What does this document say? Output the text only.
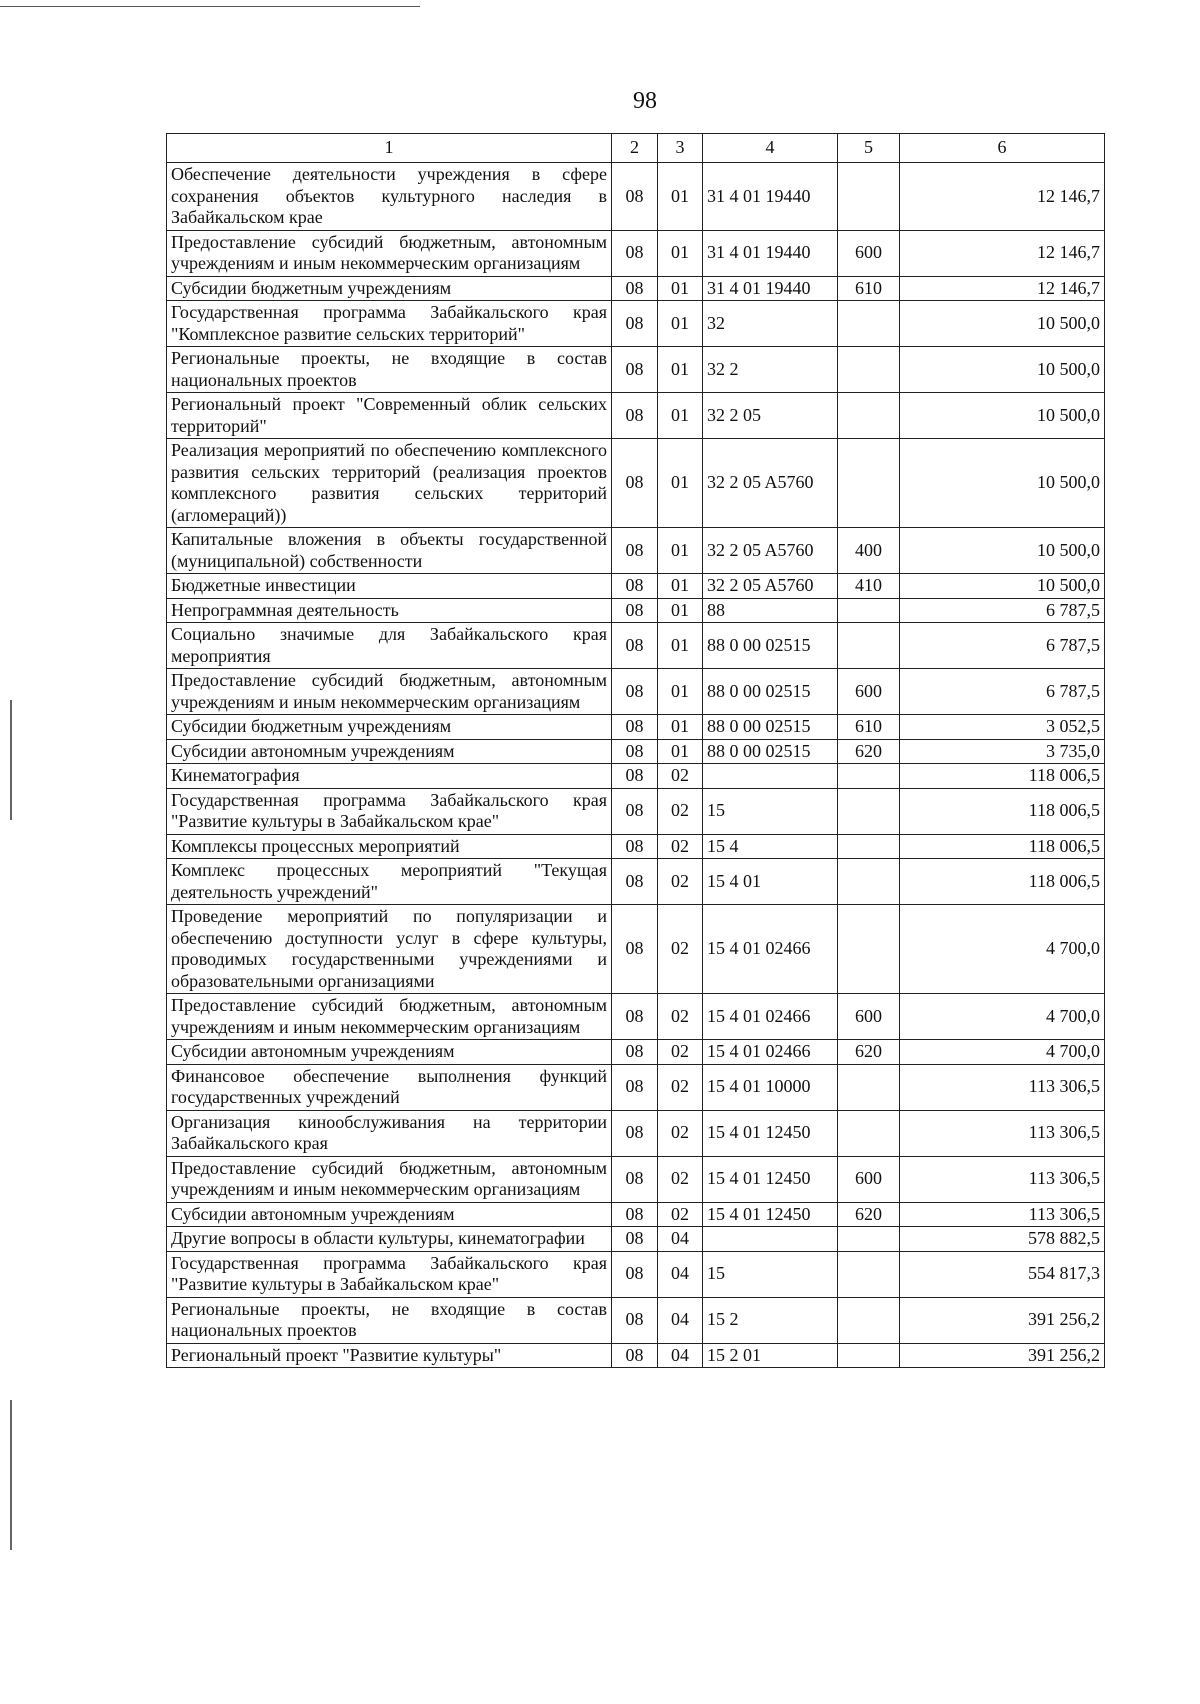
98
1	2	3	4	5	6
Обеспечение деятельности учреждения в сфере сохранения объектов культурного наследия в Забайкальском крае	08	01	31 4 01 19440		12 146,7
Предоставление субсидий бюджетным, автономным учреждениям и иным некоммерческим организациям	08	01	31 4 01 19440	600	12 146,7
Субсидии бюджетным учреждениям	08	01	31 4 01 19440	610	12 146,7
Государственная программа Забайкальского края "Комплексное развитие сельских территорий"	08	01	32		10 500,0
Региональные проекты, не входящие в состав национальных проектов	08	01	32 2		10 500,0
Региональный проект "Современный облик сельских территорий"	08	01	32 2 05		10 500,0
Реализация мероприятий по обеспечению комплексного развития сельских территорий (реализация проектов комплексного развития сельских территорий (агломераций))	08	01	32 2 05 A5760		10 500,0
Капитальные вложения в объекты государственной (муниципальной) собственности	08	01	32 2 05 A5760	400	10 500,0
Бюджетные инвестиции	08	01	32 2 05 A5760	410	10 500,0
Непрограммная деятельность	08	01	88		6 787,5
Социально значимые для Забайкальского края мероприятия	08	01	88 0 00 02515		6 787,5
Предоставление субсидий бюджетным, автономным учреждениям и иным некоммерческим организациям	08	01	88 0 00 02515	600	6 787,5
Субсидии бюджетным учреждениям	08	01	88 0 00 02515	610	3 052,5
Субсидии автономным учреждениям	08	01	88 0 00 02515	620	3 735,0
Кинематография	08	02			118 006,5
Государственная программа Забайкальского края "Развитие культуры в Забайкальском крае"	08	02	15		118 006,5
Комплексы процессных мероприятий	08	02	15 4		118 006,5
Комплекс процессных мероприятий "Текущая деятельность учреждений"	08	02	15 4 01		118 006,5
Проведение мероприятий по популяризации и обеспечению доступности услуг в сфере культуры, проводимых государственными учреждениями и образовательными организациями	08	02	15 4 01 02466		4 700,0
Предоставление субсидий бюджетным, автономным учреждениям и иным некоммерческим организациям	08	02	15 4 01 02466	600	4 700,0
Субсидии автономным учреждениям	08	02	15 4 01 02466	620	4 700,0
Финансовое обеспечение выполнения функций государственных учреждений	08	02	15 4 01 10000		113 306,5
Организация кинообслуживания на территории Забайкальского края	08	02	15 4 01 12450		113 306,5
Предоставление субсидий бюджетным, автономным учреждениям и иным некоммерческим организациям	08	02	15 4 01 12450	600	113 306,5
Субсидии автономным учреждениям	08	02	15 4 01 12450	620	113 306,5
Другие вопросы в области культуры, кинематографии	08	04			578 882,5
Государственная программа Забайкальского края "Развитие культуры в Забайкальском крае"	08	04	15		554 817,3
Региональные проекты, не входящие в состав национальных проектов	08	04	15 2		391 256,2
Региональный проект "Развитие культуры"	08	04	15 2 01		391 256,2
